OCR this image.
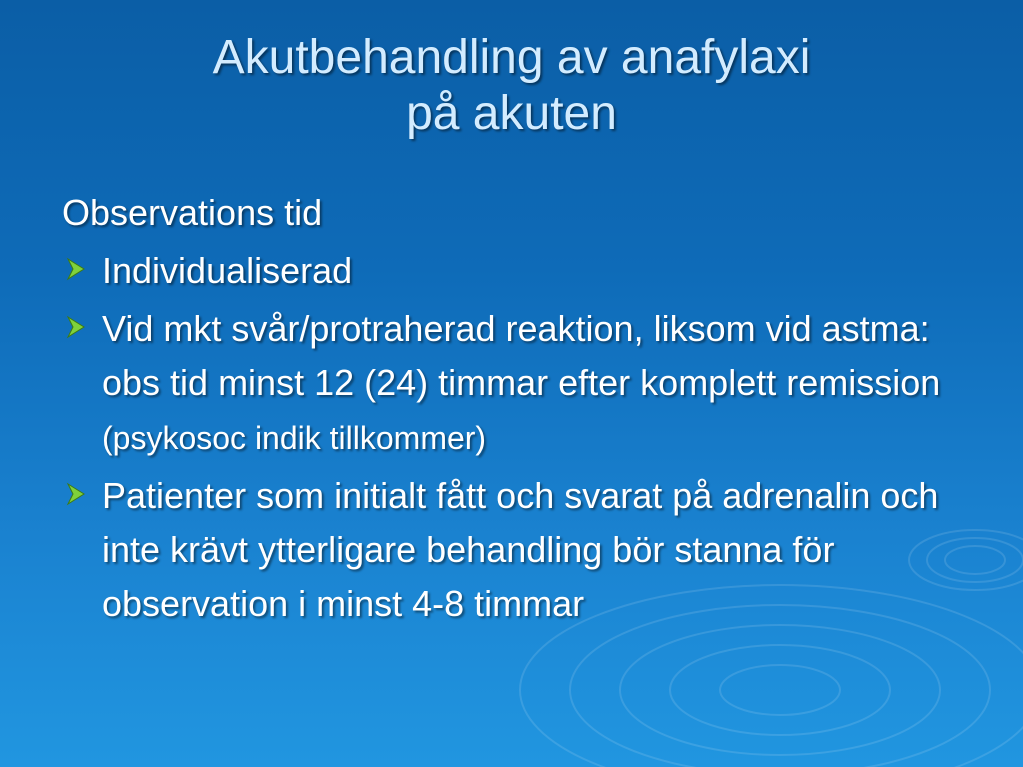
Akutbehandling av anafylaxi
på akuten
Observations tid
Individualiserad
Vid mkt svår/protraherad reaktion, liksom vid astma: obs tid minst 12 (24) timmar efter komplett remission (psykosoc indik tillkommer)
Patienter som initialt fått och svarat på adrenalin och inte krävt ytterligare behandling bör stanna för observation i minst 4-8 timmar
